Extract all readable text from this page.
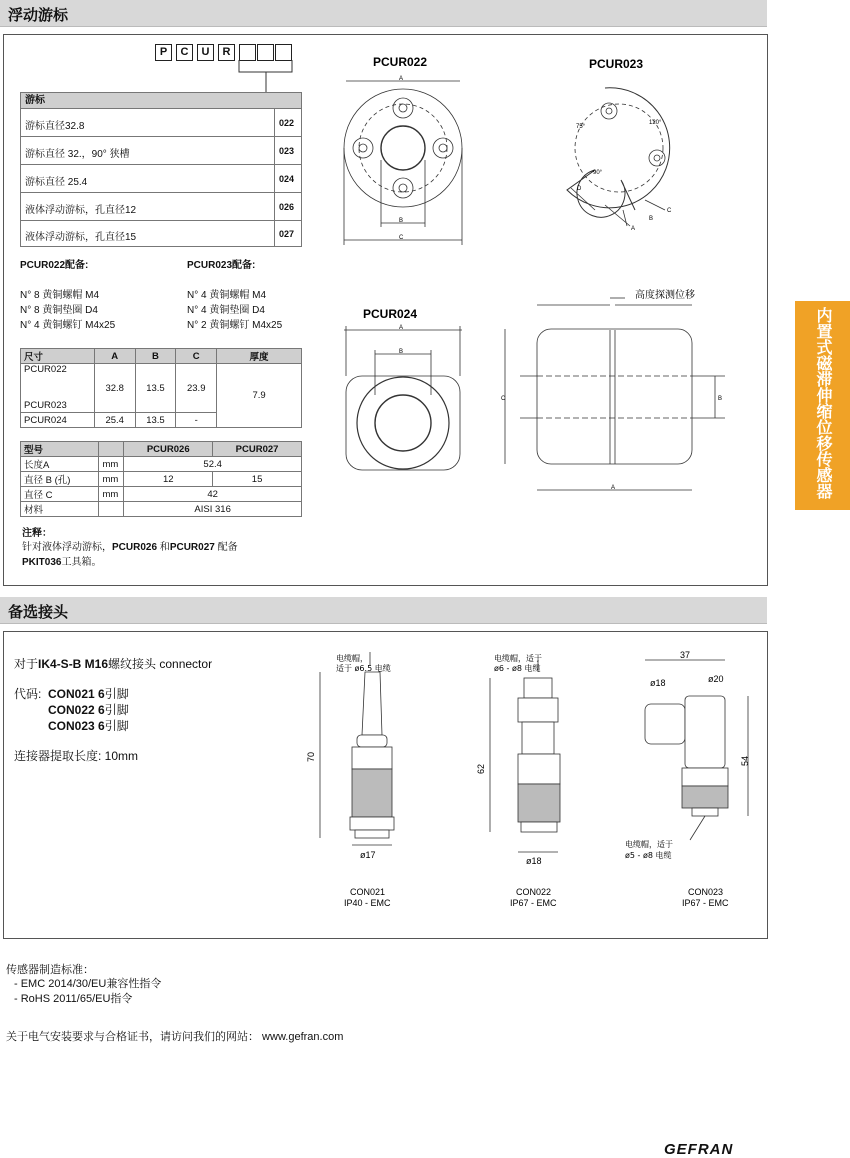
浮动游标
P	C	U	R
游标
游标直径32.8	022
游标直径 32.，90° 狭槽	023
游标直径 25.4	024
液体浮动游标，孔直径12	026
液体浮动游标，孔直径15	027
PCUR022配备:
N° 8 黄铜螺帽 M4
N° 8 黄铜垫圈 D4
N° 4 黄铜螺钉 M4x25
PCUR023配备:
N° 4 黄铜螺帽 M4
N° 4 黄铜垫圈 D4
N° 2 黄铜螺钉 M4x25
尺寸	A	B	C	厚度
PCUR022	32.8	13.5	23.9	7.9
PCUR023				
PCUR024	25.4	13.5	-	
型号		PCUR026	PCUR027
长度A	mm	52.4	
直径 B (孔)	mm	12	15
直径 C	mm	42	
材料		AISI 316	
注释：
针对液体浮动游标，PCUR026 和PCUR027 配备
PKIT036工具箱。
PCUR022	PCUR023
PCUR024
高度探测位移
A
B
C
A
B
C
D
75°
120°
90°
A
B
C	B
A	内置式磁滞伸缩位移传感器
备选接头
对于IK4-S-B M16螺纹接头 connector
代码: CON021 6引脚
CON022 6引脚
CON023 6引脚
连接器提取长度: 10mm
电缆帽，
适于 ø6.5 电缆
70
ø17
CON021
IP40 - EMC
电缆帽，适于
ø6 - ø8 电缆
62
ø18
CON022
IP67 - EMC
37
ø18	ø20
54
电缆帽，适于
ø5 - ø8 电缆
CON023
IP67 - EMC
传感器制造标准：
- EMC 2014/30/EU兼容性指令
- RoHS 2011/65/EU指令
关于电气安装要求与合格证书，请访问我们的网站： www.gefran.com
GEFRAN
